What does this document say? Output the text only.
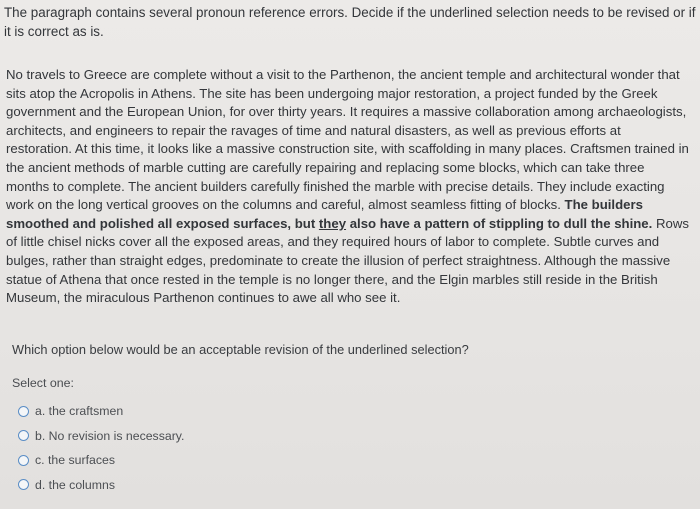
The paragraph contains several pronoun reference errors. Decide if the underlined selection needs to be revised or if it is correct as is.
No travels to Greece are complete without a visit to the Parthenon, the ancient temple and architectural wonder that sits atop the Acropolis in Athens. The site has been undergoing major restoration, a project funded by the Greek government and the European Union, for over thirty years. It requires a massive collaboration among archaeologists, architects, and engineers to repair the ravages of time and natural disasters, as well as previous efforts at restoration. At this time, it looks like a massive construction site, with scaffolding in many places. Craftsmen trained in the ancient methods of marble cutting are carefully repairing and replacing some blocks, which can take three months to complete. The ancient builders carefully finished the marble with precise details. They include exacting work on the long vertical grooves on the columns and careful, almost seamless fitting of blocks. The builders smoothed and polished all exposed surfaces, but they also have a pattern of stippling to dull the shine. Rows of little chisel nicks cover all the exposed areas, and they required hours of labor to complete. Subtle curves and bulges, rather than straight edges, predominate to create the illusion of perfect straightness. Although the massive statue of Athena that once rested in the temple is no longer there, and the Elgin marbles still reside in the British Museum, the miraculous Parthenon continues to awe all who see it.
Which option below would be an acceptable revision of the underlined selection?
Select one:
a. the craftsmen
b. No revision is necessary.
c. the surfaces
d. the columns
